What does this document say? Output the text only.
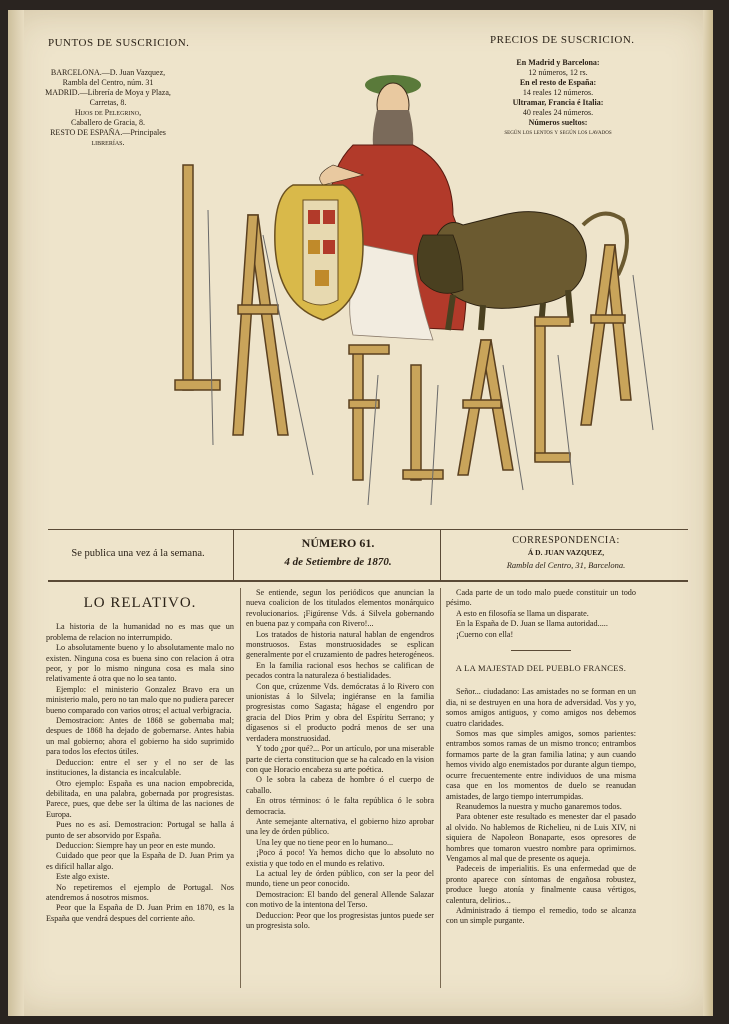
PUNTOS DE SUSCRICION.
BARCELONA.—D. Juan Vazquez,
Rambla del Centro, núm. 31
MADRID.—Librería de Moya y Plaza,
Carretas, 8.
Hijos de Pelegrino,
Caballero de Gracia, 8.
RESTO DE ESPAÑA.—Principales
librerías.
PRECIOS DE SUSCRICION.
En Madrid y Barcelona:
12 números, 12 rs.
En el resto de España:
14 reales 12 números.
Ultramar, Francia é Italia:
40 reales 24 números.
Números sueltos:
según los lentos y según los lavados
Se publica una vez á la semana.
NÚMERO 61.
4 de Setiembre de 1870.
CORRESPONDENCIA:
Á D. JUAN VAZQUEZ,
Rambla del Centro, 31, Barcelona.
LO RELATIVO.

La historia de la humanidad no es mas que un problema de relacion no interrumpido.

Lo absolutamente bueno y lo absolutamente malo no existen. Ninguna cosa es buena sino con relacion á otra peor, y por lo mismo ninguna cosa es mala sino relativamente á otra que no lo sea tanto.

Ejemplo: el ministerio Gonzalez Bravo era un ministerio malo, pero no tan malo que no pudiera parecer bueno comparado con varios otros; el actual verbigracia.

Demostracion: Antes de 1868 se gobernaba mal; despues de 1868 ha dejado de gobernarse. Antes habia un mal gobierno; ahora el gobierno ha sido suprimido para todos los efectos útiles.

Deduccion: entre el ser y el no ser de las instituciones, la distancia es incalculable.

Otro ejemplo: España es una nacion empobrecida, debilitada, en una palabra, gobernada por progresistas. Parece, pues, que debe ser la última de las naciones de Europa.

Pues no es así. Demostracion: Portugal se halla á punto de ser absorvido por España.

Deduccion: Siempre hay un peor en este mundo.

Cuidado que peor que la España de D. Juan Prim ya es difícil hallar algo.

Este algo existe.

No repetiremos el ejemplo de Portugal. Nos atendremos á nosotros mismos.

Peor que la España de D. Juan Prim en 1870, es la España que vendrá despues del corriente año.

Se entiende, segun los periódicos que anuncian la nueva coalicion de los titulados elementos monárquico revolucionarios. ¡Figúrense Vds. á Silvela gobernando en buena paz y compaña con Rivero!...

Los tratados de historia natural hablan de engendros monstruosos. Estas monstruosidades se esplican generalmente por el cruzamiento de padres heterogéneos.

En la familia racional esos hechos se califican de pecados contra la naturaleza ó bestialidades.

Con que, crúzenme Vds. demócratas á lo Rivero con unionistas á lo Silvela; ingiéranse en la familia progresistas como Sagasta; hágase el engendro por gracia del Dios Prim y obra del Espíritu Serrano; y dígasenos si el producto podrá menos de ser una verdadera monstruosidad.

Y todo ¿por qué?... Por un artículo, por una miserable parte de cierta constitucion que se ha calcado en la vision con que Horacio encabeza su arte poética.

O le sobra la cabeza de hombre ó el cuerpo de caballo.

En otros términos: ó le falta república ó le sobra democracia.

Ante semejante alternativa, el gobierno hizo aprobar una ley de órden público.

Una ley que no tiene peor en lo humano...

¡Poco á poco! Ya hemos dicho que lo absoluto no existia y que todo en el mundo es relativo.

La actual ley de órden público, con ser la peor del mundo, tiene un peor conocido.

Demostracion: El bando del general Allende Salazar con motivo de la intentona del Terso.

Deduccion: Peor que los progresistas juntos puede ser un progresista solo.

Cada parte de un todo malo puede constituir un todo pésimo.

A esto en filosofía se llama un disparate.

En la España de D. Juan se llama autoridad.....

¡Cuerno con ella!

A LA MAJESTAD DEL PUEBLO FRANCES.

Señor... ciudadano: Las amistades no se forman en un dia, ni se destruyen en una hora de adversidad. Vos y yo, somos amigos antiguos, y como amigos nos debemos cuatro claridades.

Somos mas que simples amigos, somos parientes: entrambos somos ramas de un mismo tronco; entrambos formamos parte de la gran familia latina; y aun cuando hemos vivido algo enemistados por durante algun tiempo, ocurre frecuentemente entre individuos de una misma casa que en los momentos de duelo se reanudan amistades, de largo tiempo interrumpidas.

Reanudemos la nuestra y mucho ganaremos todos.

Para obtener este resultado es menester dar el pasado al olvido. No hablemos de Richelieu, ni de Luis XIV, ni siquiera de Napoleon Bonaparte, esos opresores de hombres que tomaron vuestro nombre para oprimirnos. Vengamos al mal que de presente os aqueja.

Padeceis de imperialitis. Es una enfermedad que de pronto aparece con síntomas de engañosa robustez, produce luego atonía y finalmente causa vértigos, calentura, delirios...

Administrado á tiempo el remedio, todo se alcanza con un simple purgante.
